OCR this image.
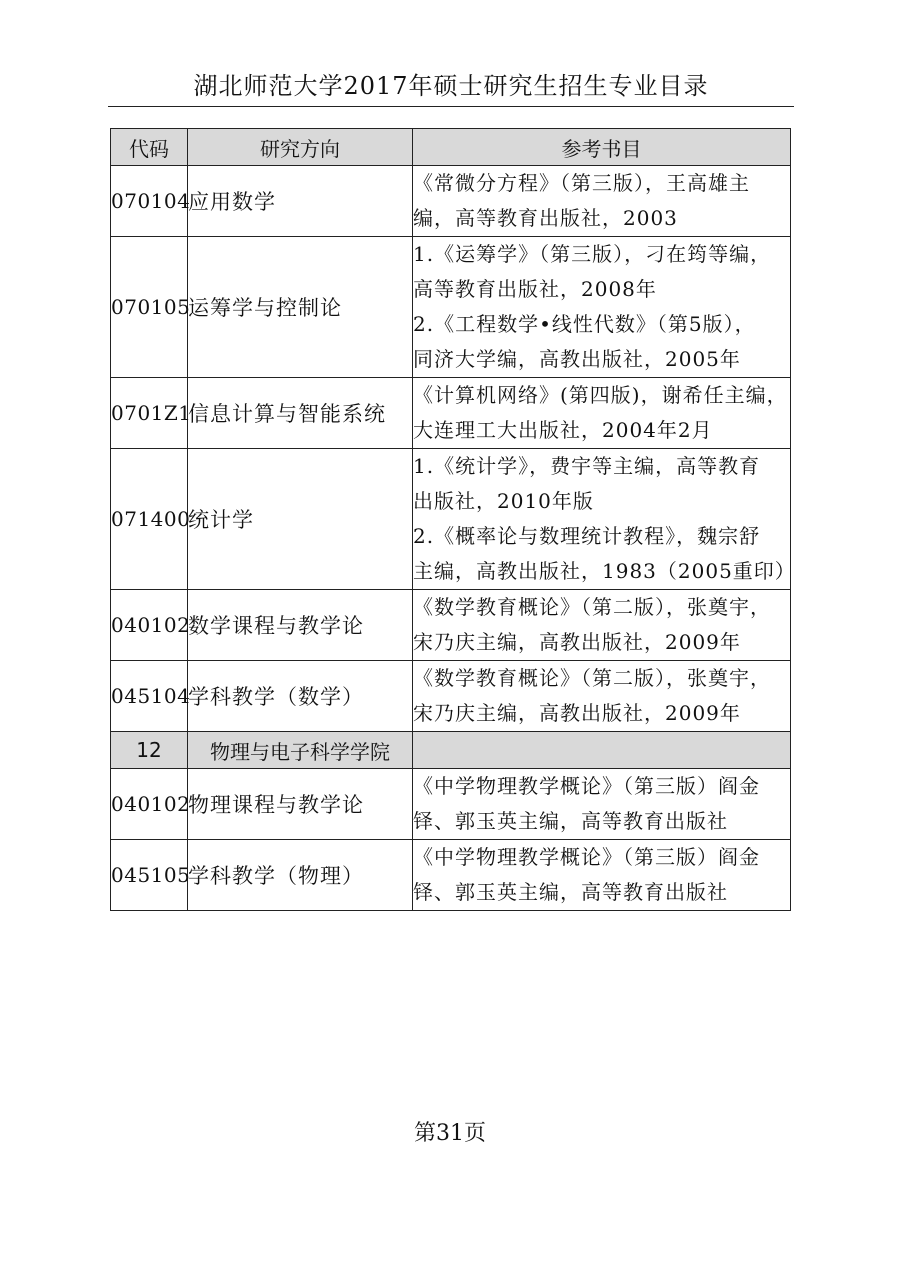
湖北师范大学2017年硕士研究生招生专业目录
代码	研究方向	参考书目
070104	应用数学	《常微分方程》（第三版），王高雄主
编，高等教育出版社，2003

070105	运筹学与控制论	1.《运筹学》（第三版），刁在筠等编，
高等教育出版社，2008年
2.《工程数学•线性代数》（第5版），
同济大学编，高教出版社，2005年

0701Z1	信息计算与智能系统	《计算机网络》(第四版)，谢希任主编，
大连理工大出版社，2004年2月

071400	统计学	1.《统计学》，费宇等主编，高等教育
出版社，2010年版
2.《概率论与数理统计教程》，魏宗舒
主编，高教出版社，1983（2005重印）

040102	数学课程与教学论	《数学教育概论》（第二版），张奠宇，
宋乃庆主编，高教出版社，2009年

045104	学科教学（数学）	《数学教育概论》（第二版），张奠宇，
宋乃庆主编，高教出版社，2009年

12	物理与电子科学学院	
040102	物理课程与教学论	《中学物理教学概论》（第三版）阎金
铎、郭玉英主编，高等教育出版社

045105	学科教学（物理）	《中学物理教学概论》（第三版）阎金
铎、郭玉英主编，高等教育出版社
第31页
